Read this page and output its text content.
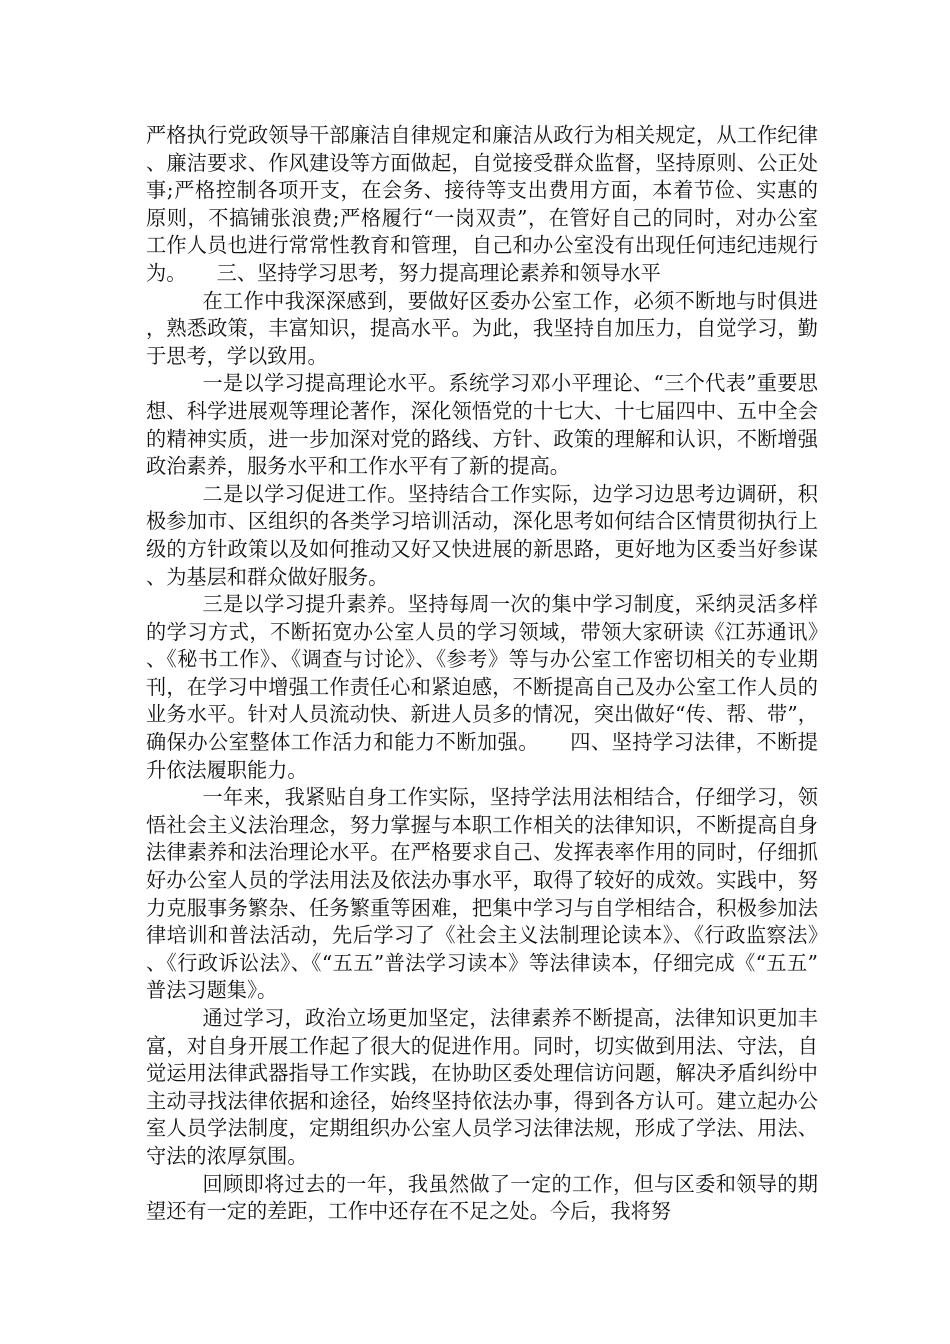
严格执行党政领导干部廉洁自律规定和廉洁从政行为相关规定，从工作纪律、廉洁要求、作风建设等方面做起，自觉接受群众监督，坚持原则、公正处事;严格控制各项开支，在会务、接待等支出费用方面，本着节俭、实惠的原则，不搞铺张浪费;严格履行“一岗双责”，在管好自己的同时，对办公室工作人员也进行常常性教育和管理，自己和办公室没有出现任何违纪违规行为。　　三、坚持学习思考，努力提高理论素养和领导水平

在工作中我深深感到，要做好区委办公室工作，必须不断地与时俱进，熟悉政策，丰富知识，提高水平。为此，我坚持自加压力，自觉学习，勤于思考，学以致用。

一是以学习提高理论水平。系统学习邓小平理论、“三个代表”重要思想、科学进展观等理论著作，深化领悟党的十七大、十七届四中、五中全会的精神实质，进一步加深对党的路线、方针、政策的理解和认识，不断增强政治素养，服务水平和工作水平有了新的提高。

二是以学习促进工作。坚持结合工作实际，边学习边思考边调研，积极参加市、区组织的各类学习培训活动，深化思考如何结合区情贯彻执行上级的方针政策以及如何推动又好又快进展的新思路，更好地为区委当好参谋、为基层和群众做好服务。

三是以学习提升素养。坚持每周一次的集中学习制度，采纳灵活多样的学习方式，不断拓宽办公室人员的学习领域，带领大家研读《江苏通讯》、《秘书工作》、《调查与讨论》、《参考》等与办公室工作密切相关的专业期刊，在学习中增强工作责任心和紧迫感，不断提高自己及办公室工作人员的业务水平。针对人员流动快、新进人员多的情况，突出做好“传、帮、带”，确保办公室整体工作活力和能力不断加强。　　四、坚持学习法律，不断提升依法履职能力。

一年来，我紧贴自身工作实际，坚持学法用法相结合，仔细学习，领悟社会主义法治理念，努力掌握与本职工作相关的法律知识，不断提高自身法律素养和法治理论水平。在严格要求自己、发挥表率作用的同时，仔细抓好办公室人员的学法用法及依法办事水平，取得了较好的成效。实践中，努力克服事务繁杂、任务繁重等困难，把集中学习与自学相结合，积极参加法律培训和普法活动，先后学习了《社会主义法制理论读本》、《行政监察法》、《行政诉讼法》、《“五五”普法学习读本》等法律读本，仔细完成《“五五”普法习题集》。

通过学习，政治立场更加坚定，法律素养不断提高，法律知识更加丰富，对自身开展工作起了很大的促进作用。同时，切实做到用法、守法，自觉运用法律武器指导工作实践，在协助区委处理信访问题，解决矛盾纠纷中主动寻找法律依据和途径，始终坚持依法办事，得到各方认可。建立起办公室人员学法制度，定期组织办公室人员学习法律法规，形成了学法、用法、守法的浓厚氛围。

回顾即将过去的一年，我虽然做了一定的工作，但与区委和领导的期望还有一定的差距，工作中还存在不足之处。今后，我将努
